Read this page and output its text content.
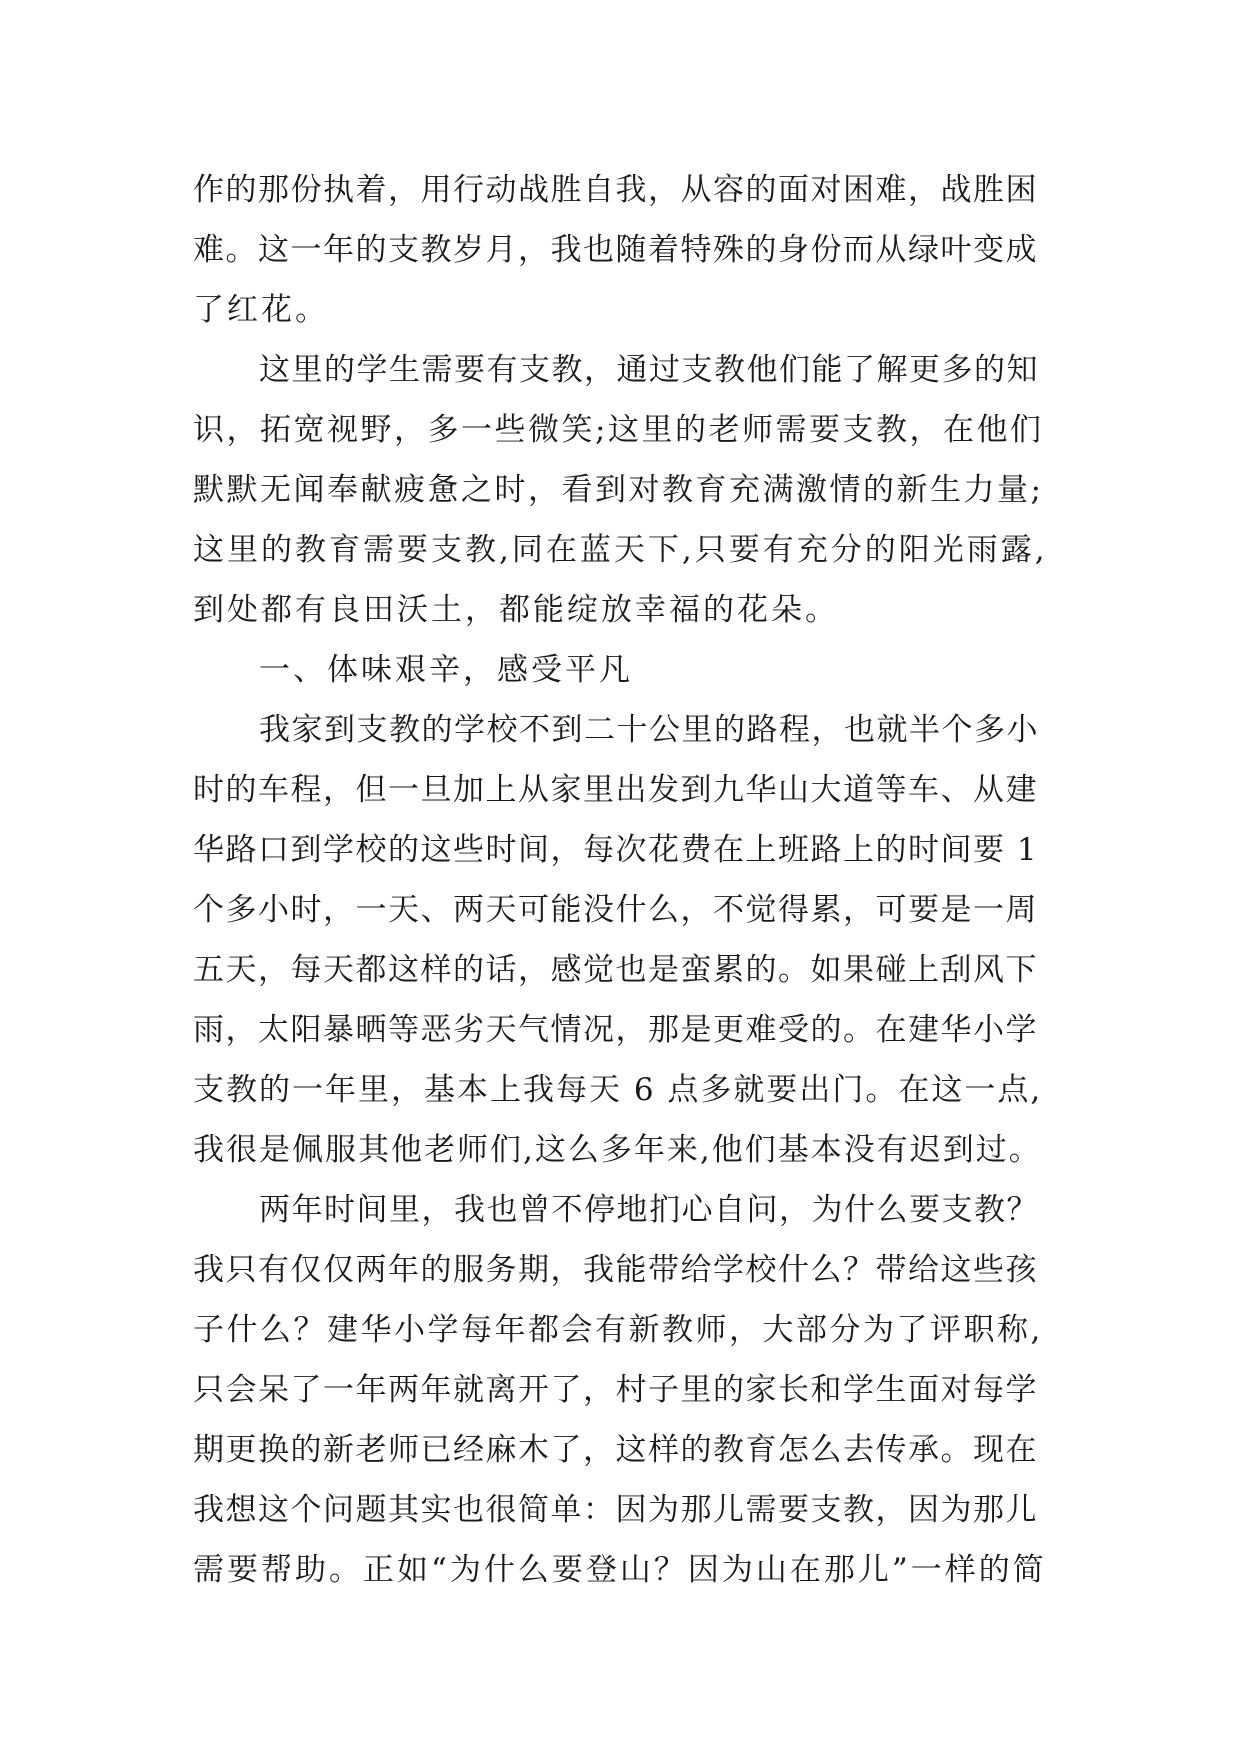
作的那份执着，用行动战胜自我，从容的面对困难，战胜困
难。这一年的支教岁月，我也随着特殊的身份而从绿叶变成
了红花。
这里的学生需要有支教，通过支教他们能了解更多的知
识，拓宽视野，多一些微笑;这里的老师需要支教，在他们
默默无闻奉献疲惫之时，看到对教育充满激情的新生力量;
这里的教育需要支教,同在蓝天下,只要有充分的阳光雨露,
到处都有良田沃土，都能绽放幸福的花朵。
一、体味艰辛，感受平凡
我家到支教的学校不到二十公里的路程，也就半个多小
时的车程，但一旦加上从家里出发到九华山大道等车、从建
华路口到学校的这些时间，每次花费在上班路上的时间要 1
个多小时，一天、两天可能没什么，不觉得累，可要是一周
五天，每天都这样的话，感觉也是蛮累的。如果碰上刮风下
雨，太阳暴晒等恶劣天气情况，那是更难受的。在建华小学
支教的一年里，基本上我每天 6 点多就要出门。在这一点,
我很是佩服其他老师们,这么多年来,他们基本没有迟到过。
两年时间里，我也曾不停地扪心自问，为什么要支教？
我只有仅仅两年的服务期，我能带给学校什么？带给这些孩
子什么？建华小学每年都会有新教师，大部分为了评职称,
只会呆了一年两年就离开了，村子里的家长和学生面对每学
期更换的新老师已经麻木了，这样的教育怎么去传承。现在
我想这个问题其实也很简单：因为那儿需要支教，因为那儿
需要帮助。正如“为什么要登山？因为山在那儿”一样的简
